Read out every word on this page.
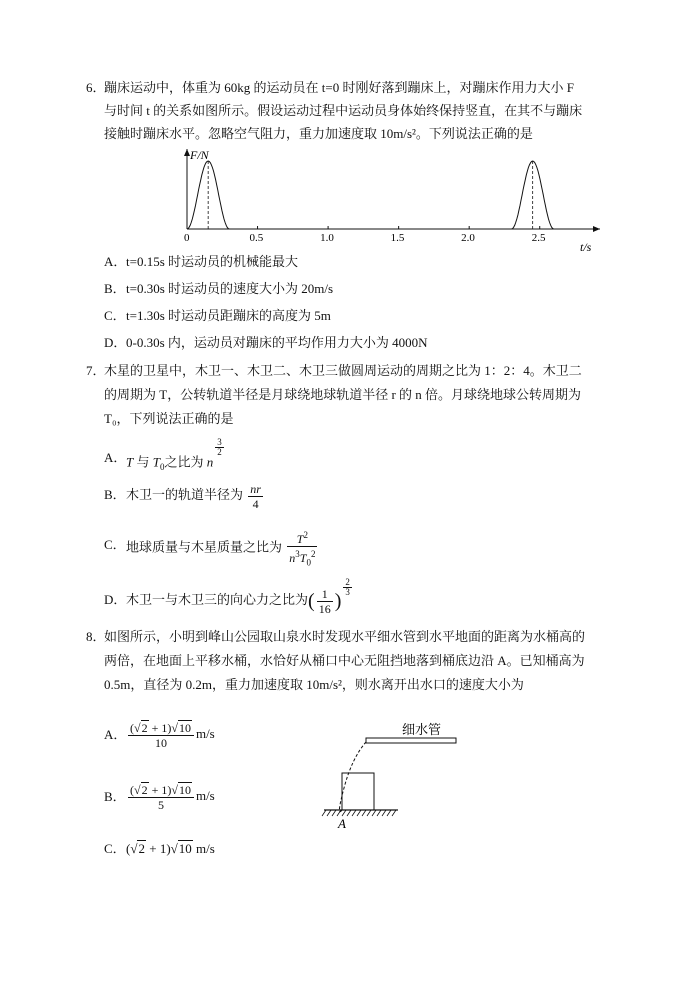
6．
蹦床运动中，体重为 60kg 的运动员在 t=0 时刚好落到蹦床上，对蹦床作用力大小 F
与时间 t 的关系如图所示。假设运动过程中运动员身体始终保持竖直，在其不与蹦床
接触时蹦床水平。忽略空气阻力，重力加速度取 10m/s²。下列说法正确的是
F/N
t/s
0	0.5	1.0	1.5	2.0	2.5
A． t=0.15s 时运动员的机械能最大
B． t=0.30s 时运动员的速度大小为 20m/s
C． t=1.30s 时运动员距蹦床的高度为 5m
D． 0-0.30s 内，运动员对蹦床的平均作用力大小为 4000N
7．
木星的卫星中，木卫一、木卫二、木卫三做圆周运动的周期之比为 1：2：4。木卫二
的周期为 T，公转轨道半径是月球绕地球轨道半径 r 的 n 倍。月球绕地球公转周期为
T₀，下列说法正确的是
A． T 与 $T_0$之比为 n
$^{\frac{3}{2}}$
B． 木卫一的轨道半径为 $\frac{nr}{4}$
C． 地球质量与木星质量之比为 $\frac{T^2}{n^3T_0^2}$
D． 木卫一与木卫三的向心力之比为( $\frac{1}{16}$ )
$\frac{2}{3}$
8．
如图所示，小明到峰山公园取山泉水时发现水平细水管到水平地面的距离为水桶高的
两倍，在地面上平移水桶，水恰好从桶口中心无阻挡地落到桶底边沿 A。已知桶高为
0.5m，直径为 0.2m，重力加速度取 10m/s²，则水离开出水口的速度大小为
A． $\frac{(√2 + 1)√10}{10} m/s$
B． $\frac{(√2 + 1)√10}{5} m/s$
C． (√2 + 1)√10 m/s
细水管
A
